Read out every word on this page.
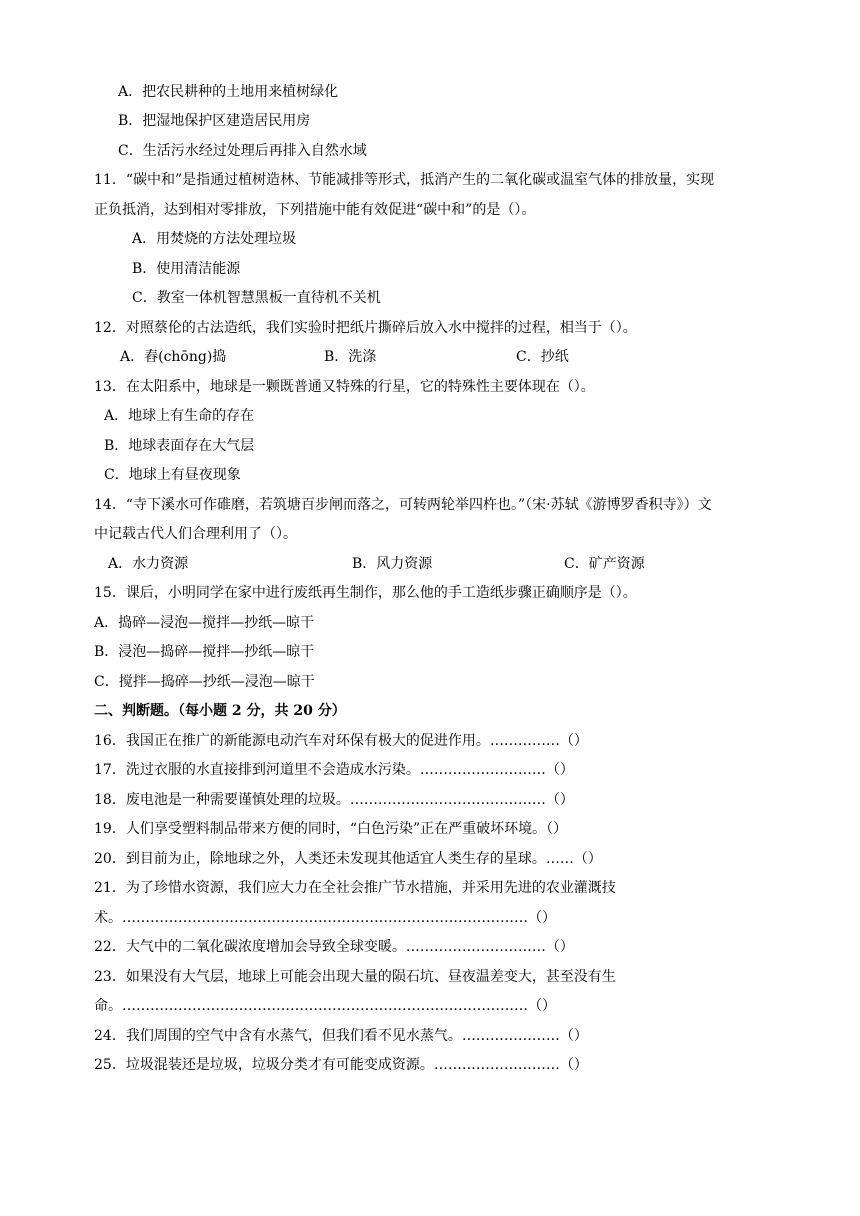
A．把农民耕种的土地用来植树绿化
B．把湿地保护区建造居民用房
C．生活污水经过处理后再排入自然水域
11．“碳中和”是指通过植树造林、节能减排等形式，抵消产生的二氧化碳或温室气体的排放量，实现
正负抵消，达到相对零排放，下列措施中能有效促进“碳中和”的是（）。
A．用焚烧的方法处理垃圾
B．使用清洁能源
C．教室一体机智慧黑板一直待机不关机
12．对照蔡伦的古法造纸，我们实验时把纸片撕碎后放入水中搅拌的过程，相当于（）。
A．舂(chōng)捣	B．洗涤	C．抄纸
13．在太阳系中，地球是一颗既普通又特殊的行星，它的特殊性主要体现在（）。
A．地球上有生命的存在
B．地球表面存在大气层
C．地球上有昼夜现象
14．“寺下溪水可作碓磨，若筑塘百步闸而落之，可转两轮举四杵也。”（宋·苏轼《游博罗香积寺》）文
中记载古代人们合理利用了（）。
A．水力资源	B．风力资源	C．矿产资源
15．课后，小明同学在家中进行废纸再生制作，那么他的手工造纸步骤正确顺序是（）。
A．捣碎—浸泡—搅拌—抄纸—晾干
B．浸泡—捣碎—搅拌—抄纸—晾干
C．搅拌—捣碎—抄纸—浸泡—晾干
二、判断题。（每小题 2 分，共 20 分）
16．我国正在推广的新能源电动汽车对环保有极大的促进作用。……………（）
17．洗过衣服的水直接排到河道里不会造成水污染。………………………（）
18．废电池是一种需要谨慎处理的垃圾。……………………………………（）
19．人们享受塑料制品带来方便的同时，“白色污染”正在严重破坏环境。（）
20．到目前为止，除地球之外，人类还未发现其他适宜人类生存的星球。……（）
21．为了珍惜水资源，我们应大力在全社会推广节水措施，并采用先进的农业灌溉技
术。……………………………………………………………………………（）
22．大气中的二氧化碳浓度增加会导致全球变暖。…………………………（）
23．如果没有大气层，地球上可能会出现大量的陨石坑、昼夜温差变大，甚至没有生
命。……………………………………………………………………………（）
24．我们周围的空气中含有水蒸气，但我们看不见水蒸气。…………………（）
25．垃圾混装还是垃圾，垃圾分类才有可能变成资源。………………………（）
